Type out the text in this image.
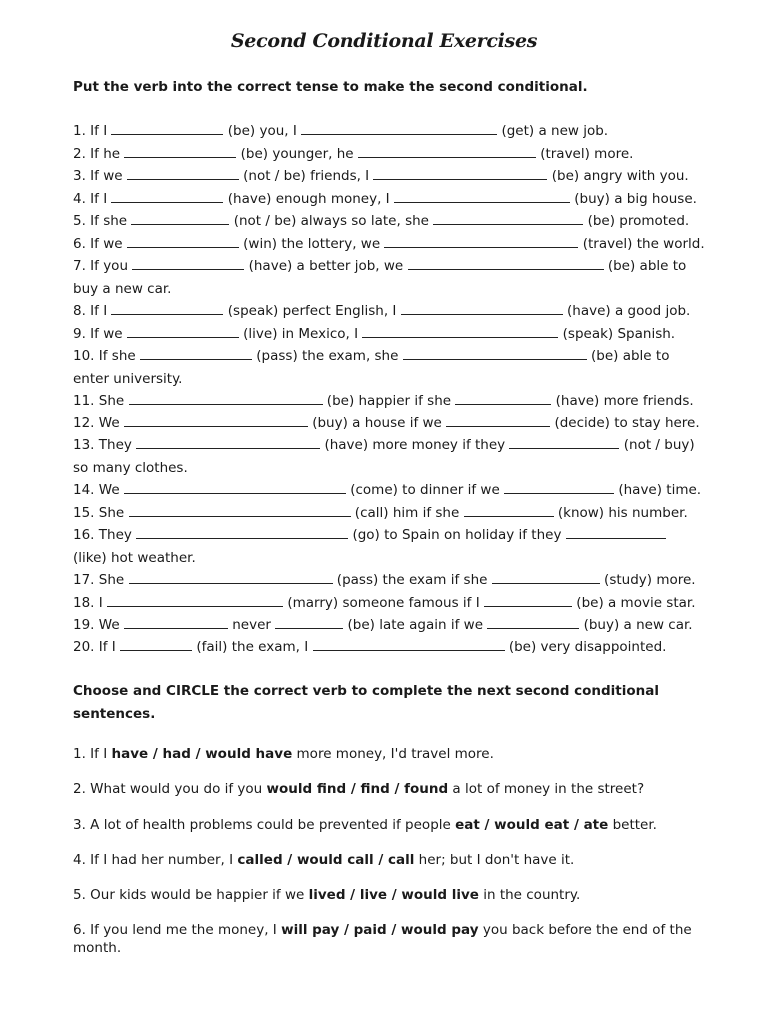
Second Conditional Exercises

Put the verb into the correct tense to make the second conditional.

1. If I	(be) you, I	(get) a new job.
2. If he	(be) younger, he	(travel) more.
3. If we	(not / be) friends, I	(be) angry with you.
4. If I	(have) enough money, I	(buy) a big house.
5. If she	(not / be) always so late, she	(be) promoted.
6. If we	(win) the lottery, we	(travel) the world.
7. If you	(have) a better job, we	(be) able to
buy a new car.
8. If I	(speak) perfect English, I	(have) a good job.
9. If we	(live) in Mexico, I	(speak) Spanish.
10. If she	(pass) the exam, she	(be) able to
enter university.
11. She	(be) happier if she	(have) more friends.
12. We	(buy) a house if we	(decide) to stay here.
13. They	(have) more money if they	(not / buy)
so many clothes.
14. We	(come) to dinner if we	(have) time.
15. She	(call) him if she	(know) his number.
16. They	(go) to Spain on holiday if they
(like) hot weather.
17. She	(pass) the exam if she	(study) more.
18. I	(marry) someone famous if I	(be) a movie star.
19. We	never	(be) late again if we	(buy) a new car.
20. If I	(fail) the exam, I	(be) very disappointed.

Choose and CIRCLE the correct verb to complete the next second conditional sentences.

1. If I have / had / would have more money, I'd travel more.
2. What would you do if you would find / find / found a lot of money in the street?
3. A lot of health problems could be prevented if people eat / would eat / ate better.
4. If I had her number, I called / would call / call her; but I don't have it.
5. Our kids would be happier if we lived / live / would live in the country.
6. If you lend me the money, I will pay / paid / would pay you back before the end of the month.
